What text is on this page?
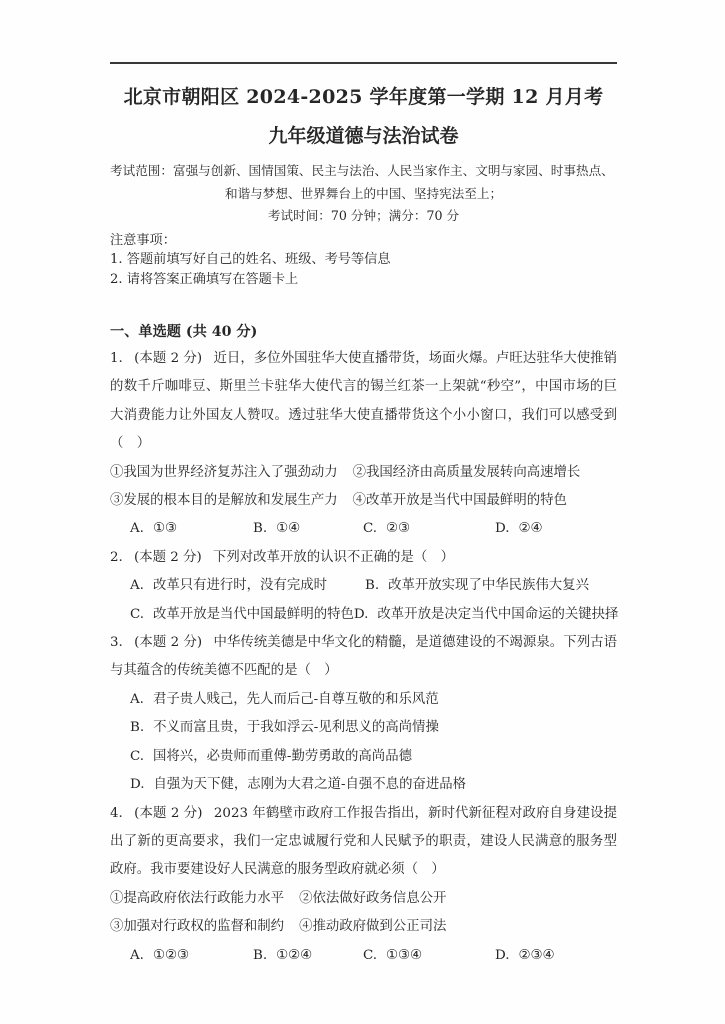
北京市朝阳区 2024-2025 学年度第一学期 12 月月考
九年级道德与法治试卷
考试范围：富强与创新、国情国策、民主与法治、人民当家作主、文明与家园、时事热点、
和谐与梦想、世界舞台上的中国、坚持宪法至上；
考试时间：70 分钟；满分：70 分
注意事项：
1. 答题前填写好自己的姓名、班级、考号等信息
2. 请将答案正确填写在答题卡上
一、单选题 (共 40 分)

1. (本题 2 分) 近日，多位外国驻华大使直播带货，场面火爆。卢旺达驻华大使推销的数千斤咖啡豆、斯里兰卡驻华大使代言的锡兰红茶一上架就“秒空”，中国市场的巨大消费能力让外国友人赞叹。透过驻华大使直播带货这个小小窗口，我们可以感受到（　）

①我国为世界经济复苏注入了强劲动力 ②我国经济由高质量发展转向高速增长
③发展的根本目的是解放和发展生产力 ④改革开放是当代中国最鲜明的特色
A. ①③	B. ①④	C. ②③	D. ②④

2. (本题 2 分) 下列对改革开放的认识不正确的是（　）

A. 改革只有进行时，没有完成时	B. 改革开放实现了中华民族伟大复兴
C. 改革开放是当代中国最鲜明的特色 D. 改革开放是决定当代中国命运的关键抉择

3. (本题 2 分) 中华传统美德是中华文化的精髓，是道德建设的不竭源泉。下列古语与其蕴含的传统美德不匹配的是（　）

A. 君子贵人贱己，先人而后己-自尊互敬的和乐风范
B. 不义而富且贵，于我如浮云-见利思义的高尚情操
C. 国将兴，必贵师而重傅-勤劳勇敢的高尚品德
D. 自强为天下健，志刚为大君之道-自强不息的奋进品格

4. (本题 2 分) 2023 年鹤壁市政府工作报告指出，新时代新征程对政府自身建设提出了新的更高要求，我们一定忠诚履行党和人民赋予的职责，建设人民满意的服务型政府。我市要建设好人民满意的服务型政府就必须（　）

①提高政府依法行政能力水平 ②依法做好政务信息公开
③加强对行政权的监督和制约 ④推动政府做到公正司法
A. ①②③	B. ①②④	C. ①③④	D. ②③④
